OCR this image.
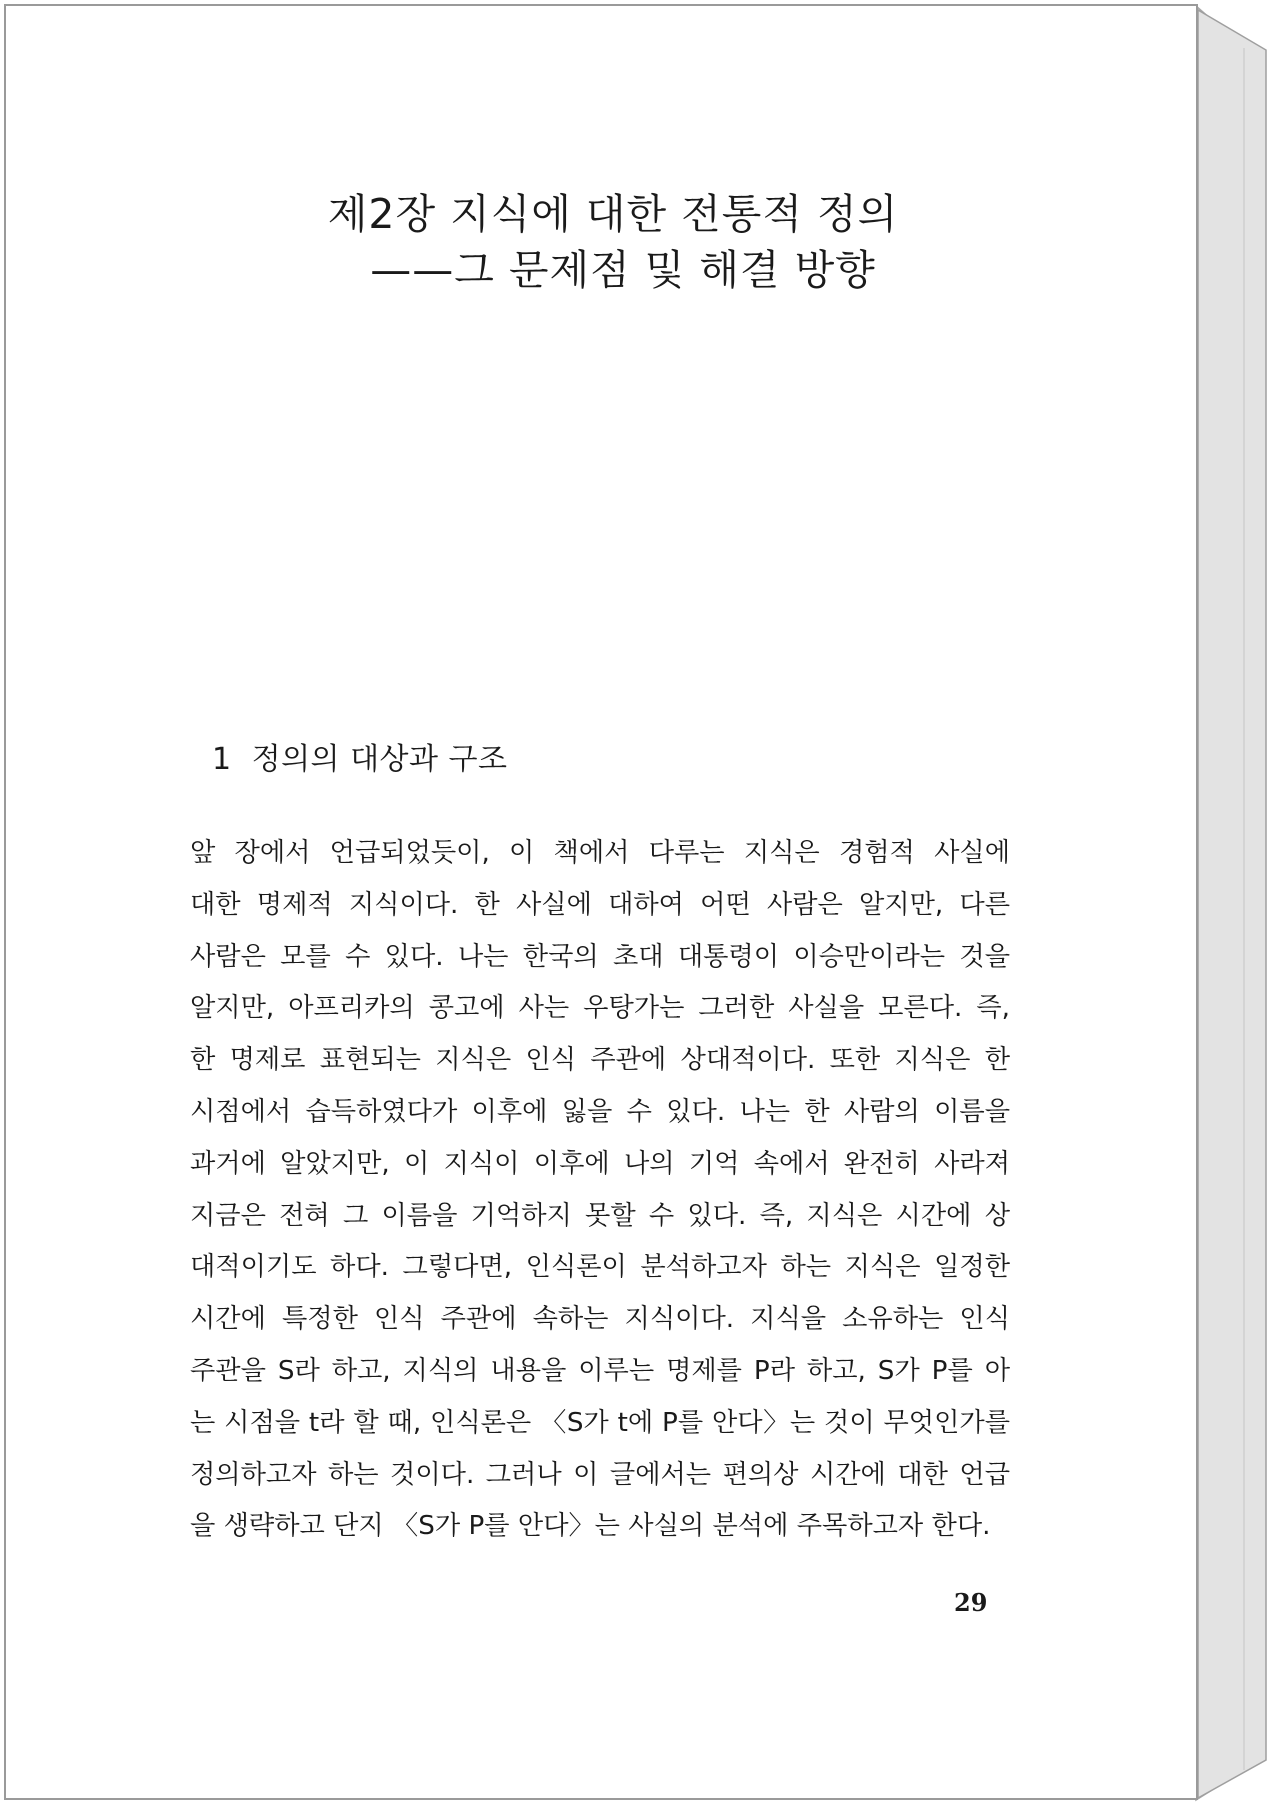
제2장 지식에 대한 전통적 정의
——그 문제점 및 해결 방향
1 정의의 대상과 구조
앞 장에서 언급되었듯이, 이 책에서 다루는 지식은 경험적 사실에
대한 명제적 지식이다. 한 사실에 대하여 어떤 사람은 알지만, 다른
사람은 모를 수 있다. 나는 한국의 초대 대통령이 이승만이라는 것을
알지만, 아프리카의 콩고에 사는 우탕가는 그러한 사실을 모른다. 즉,
한 명제로 표현되는 지식은 인식 주관에 상대적이다. 또한 지식은 한
시점에서 습득하였다가 이후에 잃을 수 있다. 나는 한 사람의 이름을
과거에 알았지만, 이 지식이 이후에 나의 기억 속에서 완전히 사라져
지금은 전혀 그 이름을 기억하지 못할 수 있다. 즉, 지식은 시간에 상
대적이기도 하다. 그렇다면, 인식론이 분석하고자 하는 지식은 일정한
시간에 특정한 인식 주관에 속하는 지식이다. 지식을 소유하는 인식
주관을 S라 하고, 지식의 내용을 이루는 명제를 P라 하고, S가 P를 아
는 시점을 t라 할 때, 인식론은 〈S가 t에 P를 안다〉는 것이 무엇인가를
정의하고자 하는 것이다. 그러나 이 글에서는 편의상 시간에 대한 언급
을 생략하고 단지 〈S가 P를 안다〉는 사실의 분석에 주목하고자 한다.
29
